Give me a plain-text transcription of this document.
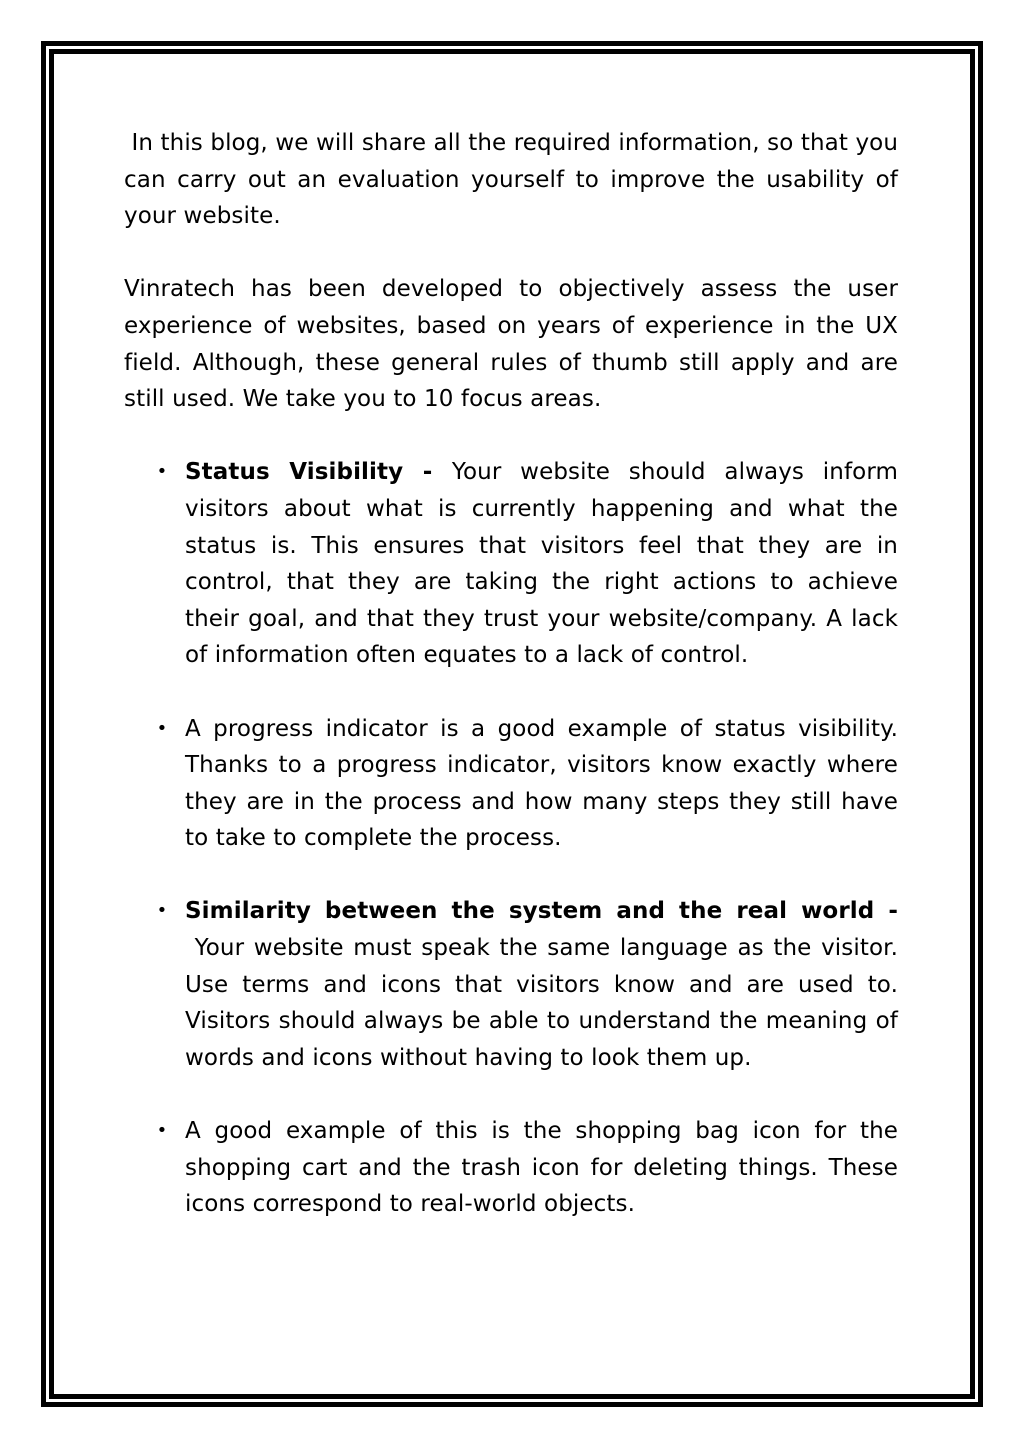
In this blog, we will share all the required information, so that you can carry out an evaluation yourself to improve the usability of your website.

Vinratech has been developed to objectively assess the user experience of websites, based on years of experience in the UX field. Although, these general rules of thumb still apply and are still used. We take you to 10 focus areas.

• Status Visibility - Your website should always inform visitors about what is currently happening and what the status is. This ensures that visitors feel that they are in control, that they are taking the right actions to achieve their goal, and that they trust your website/company. A lack of information often equates to a lack of control.
• A progress indicator is a good example of status visibility. Thanks to a progress indicator, visitors know exactly where they are in the process and how many steps they still have to take to complete the process.
• Similarity between the system and the real world -  Your website must speak the same language as the visitor. Use terms and icons that visitors know and are used to. Visitors should always be able to understand the meaning of words and icons without having to look them up.
• A good example of this is the shopping bag icon for the shopping cart and the trash icon for deleting things. These icons correspond to real-world objects.
